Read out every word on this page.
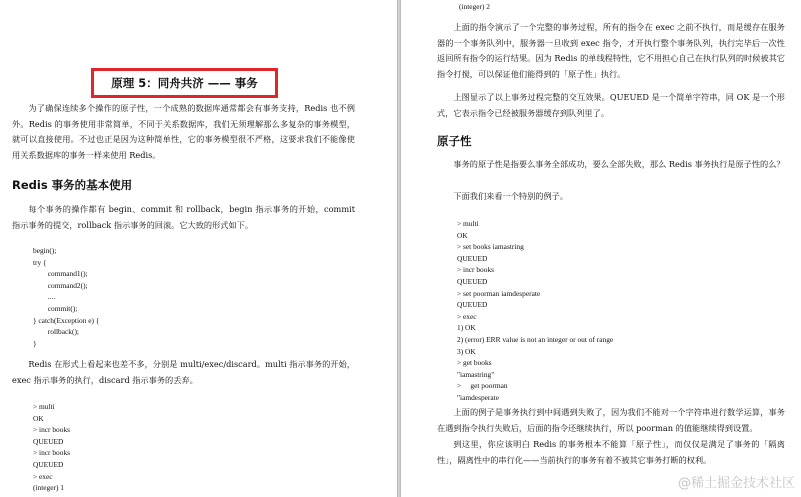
原理 5：同舟共济 —— 事务

为了确保连续多个操作的原子性，一个成熟的数据库通常都会有事务支持，Redis 也不例外。Redis 的事务使用非常简单，不同于关系数据库，我们无须理解那么多复杂的事务模型，就可以直接使用。不过也正是因为这种简单性，它的事务模型很不严格，这要求我们不能像使用关系数据库的事务一样来使用 Redis。

Redis 事务的基本使用

每个事务的操作都有 begin、commit 和 rollback，begin 指示事务的开始，commit 指示事务的提交，rollback 指示事务的回滚。它大致的形式如下。

begin();
try {
command1();
command2();
....
commit();
} catch(Exception e) {
rollback();
}

Redis 在形式上看起来也差不多，分别是 multi/exec/discard。multi 指示事务的开始，exec 指示事务的执行，discard 指示事务的丢弃。

> multi
OK
> incr books
QUEUED
> incr books
QUEUED
> exec
(integer) 1
(integer) 2

上面的指令演示了一个完整的事务过程，所有的指令在 exec 之前不执行，而是缓存在服务器的一个事务队列中，服务器一旦收到 exec 指令，才开执行整个事务队列，执行完毕后一次性返回所有指令的运行结果。因为 Redis 的单线程特性，它不用担心自己在执行队列的时候被其它指令打搅，可以保证他们能得到的「原子性」执行。

上图显示了以上事务过程完整的交互效果。QUEUED 是一个简单字符串，同 OK 是一个形式，它表示指令已经被服务器缓存到队列里了。

原子性

事务的原子性是指要么事务全部成功，要么全部失败，那么 Redis 事务执行是原子性的么？

下面我们来看一个特别的例子。

> multi
OK
> set books iamastring
QUEUED
> incr books
QUEUED
> set poorman iamdesperate
QUEUED
> exec
1) OK
2) (error) ERR value is not an integer or out of range
3) OK
> get books
"iamastring"
>     get poorman
"iamdesperate

上面的例子是事务执行到中间遇到失败了，因为我们不能对一个字符串进行数学运算，事务在遇到指令执行失败后，后面的指令还继续执行，所以 poorman 的值能继续得到设置。

到这里，你应该明白 Redis 的事务根本不能算「原子性」，而仅仅是满足了事务的「隔离性」，隔离性中的串行化——当前执行的事务有着不被其它事务打断的权利。

@稀土掘金技术社区
